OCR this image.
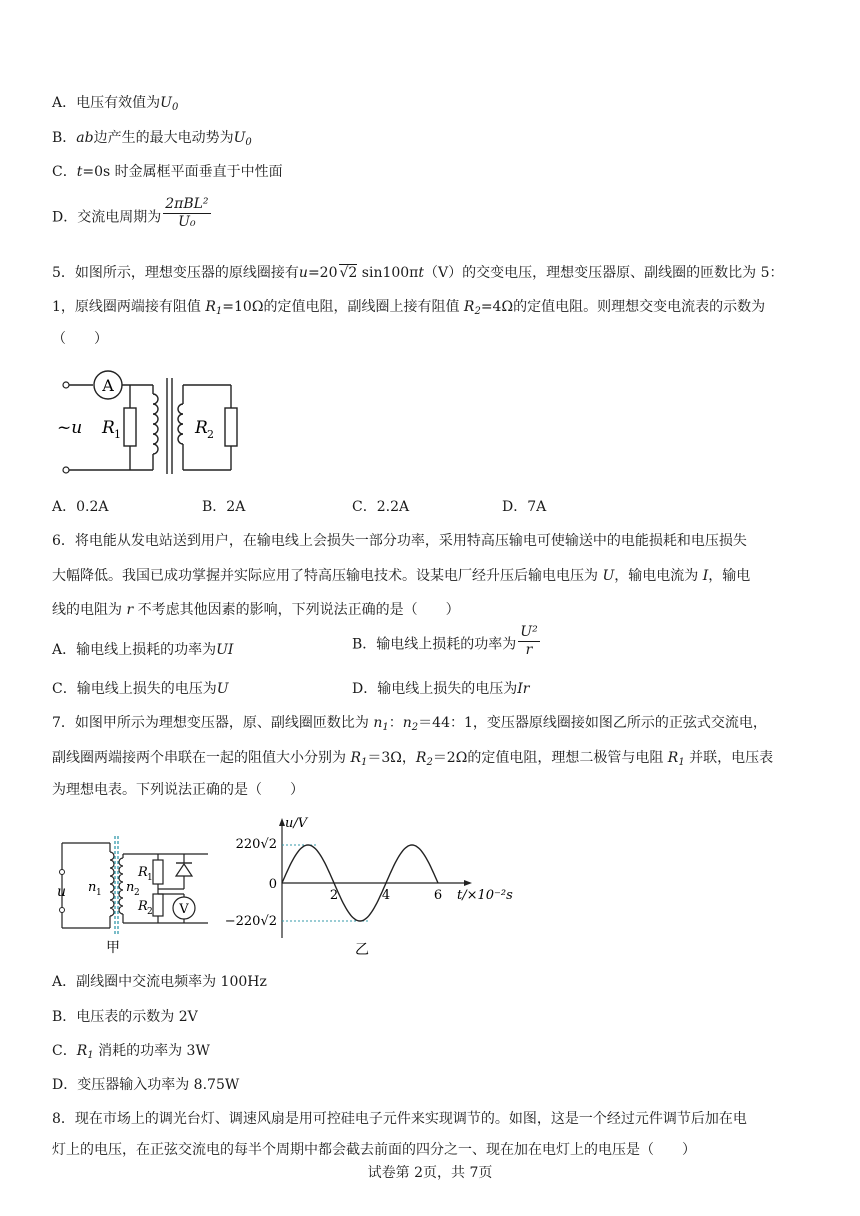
A．电压有效值为$U_0$
B．ab边产生的最大电动势为$U_0$
C．t=0s 时金属框平面垂直于中性面
D．交流电周期为 $\frac{\text{2πBL²}}{\text{U₀}}$
5．如图所示，理想变压器的原线圈接有u=20 √2 sin100πt（V）的交变电压，理想变压器原、副线圈的匝数比为 5：
1，原线圈两端接有阻值 $R_1=10\Omega$的定值电阻，副线圈上接有阻值 $R_2=4\Omega$的定值电阻。则理想交变电流表的示数为
（　　）
A
~u R 1	R 2
A．0.2A	B．2A	C．2.2A	D．7A
6．将电能从发电站送到用户，在输电线上会损失一部分功率，采用特高压输电可使输送中的电能损耗和电压损失
大幅降低。我国已成功掌握并实际应用了特高压输电技术。设某电厂经升压后输电电压为 U，输电电流为 I，输电
线的电阻为 r 不考虑其他因素的影响，下列说法正确的是（　　）
A．输电线上损耗的功率为UI	B．输电线上损耗的功率为 $\frac{\text{U²}}{r}$
C．输电线上损失的电压为U	D．输电线上损失的电压为Ir
7．如图甲所示为理想变压器，原、副线圈匝数比为 $n_1$：$n_2=44$：1，变压器原线圈接如图乙所示的正弦式交流电，
副线圈两端接两个串联在一起的阻值大小分别为 $R_1=3\Omega$，$R_2=2\Omega$的定值电阻，理想二极管与电阻 $R_1$ 并联，电压表
为理想电表。下列说法正确的是（　　）
u n 1 n 2
R 1
R 2 V
甲
u/V
220√2
−220√2
0
t/×10⁻²s
2	4	6
乙
A．副线圈中交流电频率为 100Hz
B．电压表的示数为 2V
C．$R_1$ 消耗的功率为 3W
D．变压器输入功率为 8.75W
8．现在市场上的调光台灯、调速风扇是用可控硅电子元件来实现调节的。如图，这是一个经过元件调节后加在电
灯上的电压，在正弦交流电的每半个周期中都会截去前面的四分之一、现在加在电灯上的电压是（　　）
试卷第 2页，共 7页
